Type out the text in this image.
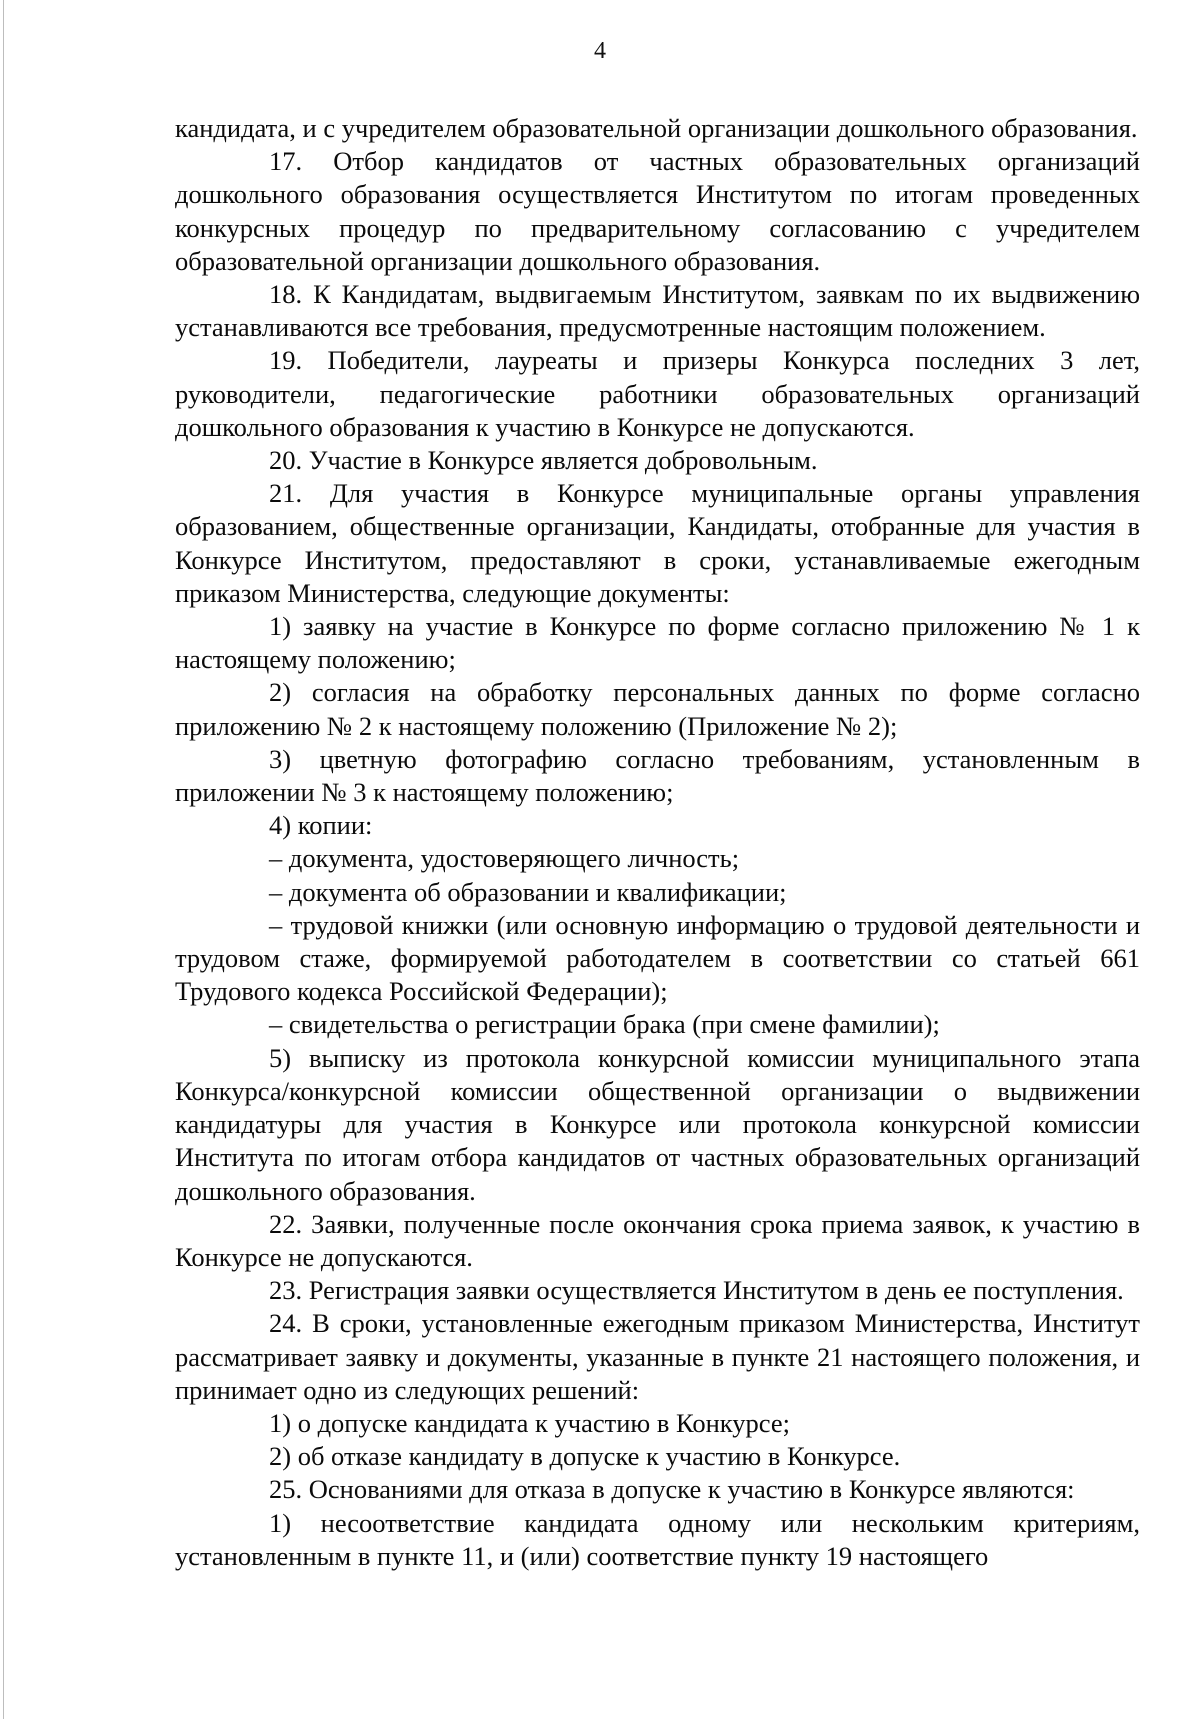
4

кандидата, и с учредителем образовательной организации дошкольного образования.

17. Отбор кандидатов от частных образовательных организаций дошкольного образования осуществляется Институтом по итогам проведенных конкурсных процедур по предварительному согласованию с учредителем образовательной организации дошкольного образования.

18. К Кандидатам, выдвигаемым Институтом, заявкам по их выдвижению устанавливаются все требования, предусмотренные настоящим положением.

19. Победители, лауреаты и призеры Конкурса последних 3 лет, руководители, педагогические работники образовательных организаций дошкольного образования к участию в Конкурсе не допускаются.

20. Участие в Конкурсе является добровольным.

21. Для участия в Конкурсе муниципальные органы управления образованием, общественные организации, Кандидаты, отобранные для участия в Конкурсе Институтом, предоставляют в сроки, устанавливаемые ежегодным приказом Министерства, следующие документы:

1) заявку на участие в Конкурсе по форме согласно приложению № 1 к настоящему положению;

2) согласия на обработку персональных данных по форме согласно приложению № 2 к настоящему положению (Приложение № 2);

3) цветную фотографию согласно требованиям, установленным в приложении № 3 к настоящему положению;

4) копии:

– документа, удостоверяющего личность;

– документа об образовании и квалификации;

– трудовой книжки (или основную информацию о трудовой деятельности и трудовом стаже, формируемой работодателем в соответствии со статьей 661 Трудового кодекса Российской Федерации);

– свидетельства о регистрации брака (при смене фамилии);

5) выписку из протокола конкурсной комиссии муниципального этапа Конкурса/конкурсной комиссии общественной организации о выдвижении кандидатуры для участия в Конкурсе или протокола конкурсной комиссии Института по итогам отбора кандидатов от частных образовательных организаций дошкольного образования.

22. Заявки, полученные после окончания срока приема заявок, к участию в Конкурсе не допускаются.

23. Регистрация заявки осуществляется Институтом в день ее поступления.

24. В сроки, установленные ежегодным приказом Министерства, Институт рассматривает заявку и документы, указанные в пункте 21 настоящего положения, и принимает одно из следующих решений:

1) о допуске кандидата к участию в Конкурсе;

2) об отказе кандидату в допуске к участию в Конкурсе.

25. Основаниями для отказа в допуске к участию в Конкурсе являются:

1) несоответствие кандидата одному или нескольким критериям, установленным в пункте 11, и (или) соответствие пункту 19 настоящего
